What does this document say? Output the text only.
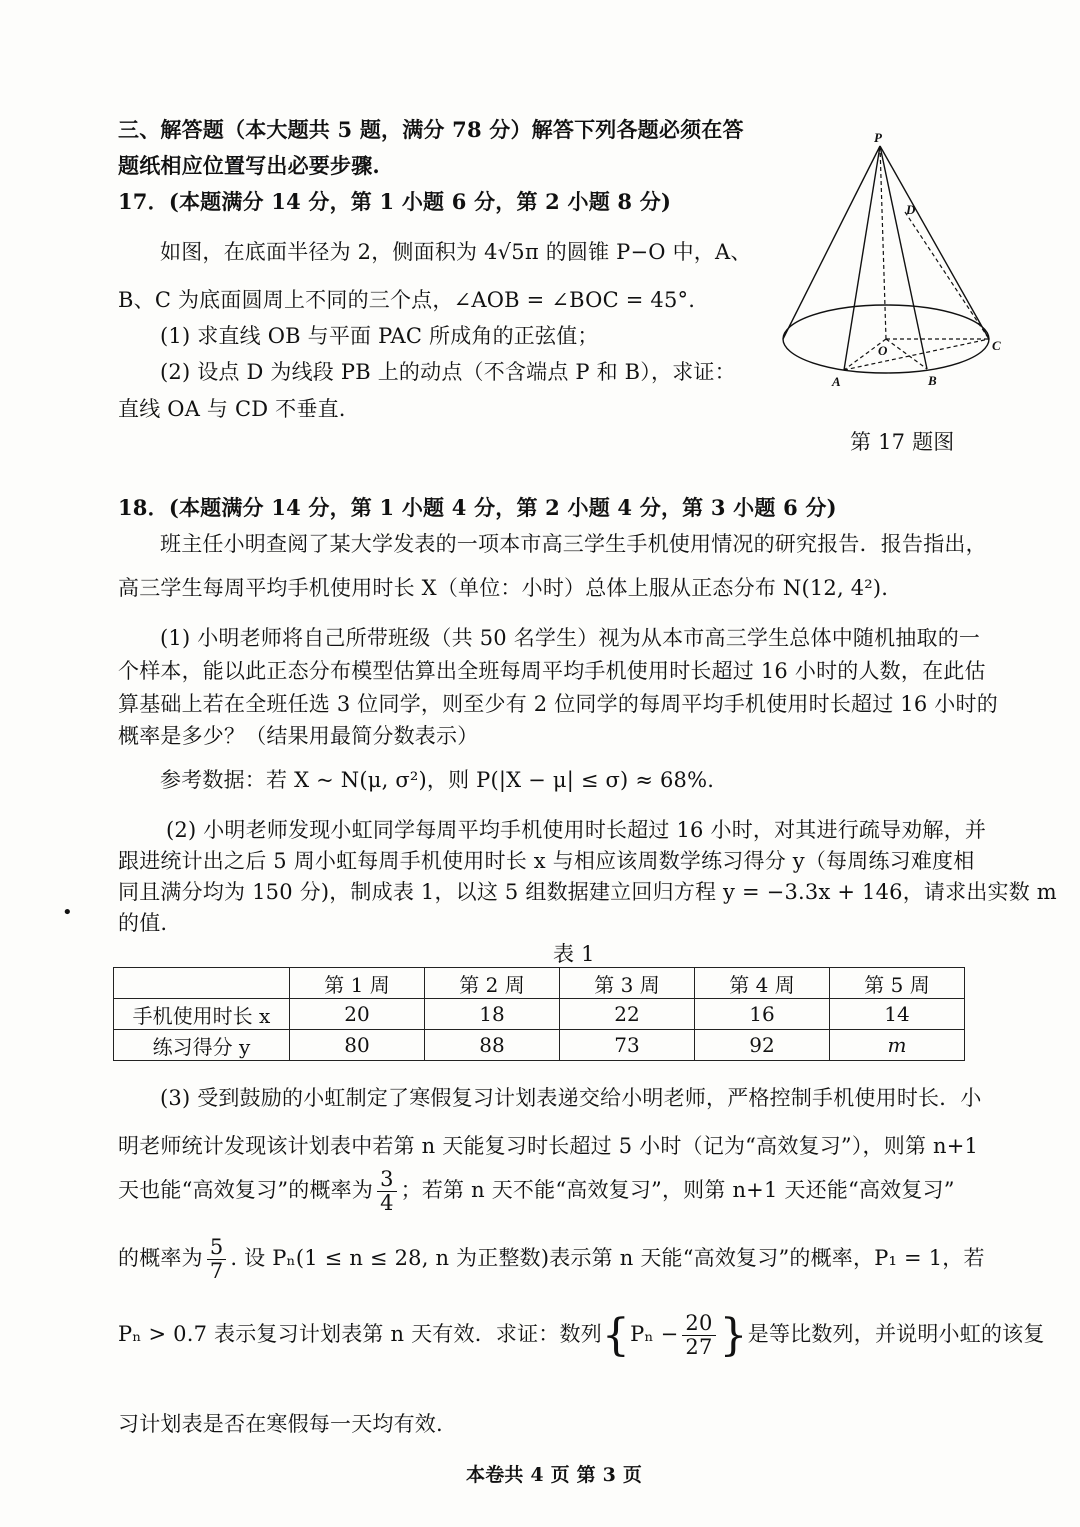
三、解答题（本大题共 5 题，满分 78 分）解答下列各题必须在答
题纸相应位置写出必要步骤.
17．(本题满分 14 分，第 1 小题 6 分，第 2 小题 8 分)
如图，在底面半径为 2，侧面积为 4√5π 的圆锥 P−O 中，A、
B、C 为底面圆周上不同的三个点，∠AOB = ∠BOC = 45°.
(1) 求直线 OB 与平面 PAC 所成角的正弦值；
(2) 设点 D 为线段 PB 上的动点（不含端点 P 和 B），求证：
直线 OA 与 CD 不垂直.
P
D
O
A	B
C
第 17 题图
18．(本题满分 14 分，第 1 小题 4 分，第 2 小题 4 分，第 3 小题 6 分)
班主任小明查阅了某大学发表的一项本市高三学生手机使用情况的研究报告．报告指出，
高三学生每周平均手机使用时长 X（单位：小时）总体上服从正态分布 N(12, 4²).
(1) 小明老师将自己所带班级（共 50 名学生）视为从本市高三学生总体中随机抽取的一
个样本，能以此正态分布模型估算出全班每周平均手机使用时长超过 16 小时的人数，在此估
算基础上若在全班任选 3 位同学，则至少有 2 位同学的每周平均手机使用时长超过 16 小时的
概率是多少？（结果用最简分数表示）
参考数据：若 X ~ N(μ, σ²)，则 P(|X − μ| ≤ σ) ≈ 68%.
(2) 小明老师发现小虹同学每周平均手机使用时长超过 16 小时，对其进行疏导劝解，并
跟进统计出之后 5 周小虹每周手机使用时长 x 与相应该周数学练习得分 y（每周练习难度相
同且满分均为 150 分)，制成表 1，以这 5 组数据建立回归方程 y = −3.3x + 146，请求出实数 m
的值.
•
表 1
	第 1 周	第 2 周	第 3 周	第 4 周	第 5 周
手机使用时长 x	20	18	22	16	14
练习得分 y	80	88	73	92	m
(3) 受到鼓励的小虹制定了寒假复习计划表递交给小明老师，严格控制手机使用时长．小
明老师统计发现该计划表中若第 n 天能复习时长超过 5 小时（记为“高效复习”），则第 n+1
天也能“高效复习”的概率为 $\frac{3}{4}$ ；若第 n 天不能“高效复习”，则第 n+1 天还能“高效复习”
的概率为 $\frac{5}{7}$ . 设 Pₙ(1 ≤ n ≤ 28, n 为正整数)表示第 n 天能“高效复习”的概率，P₁ = 1，若
Pₙ > 0.7 表示复习计划表第 n 天有效．求证：数列{$P_n - \frac{20}{27}$ }是等比数列，并说明小虹的该复
习计划表是否在寒假每一天均有效.
本卷共 4 页 第 3 页
